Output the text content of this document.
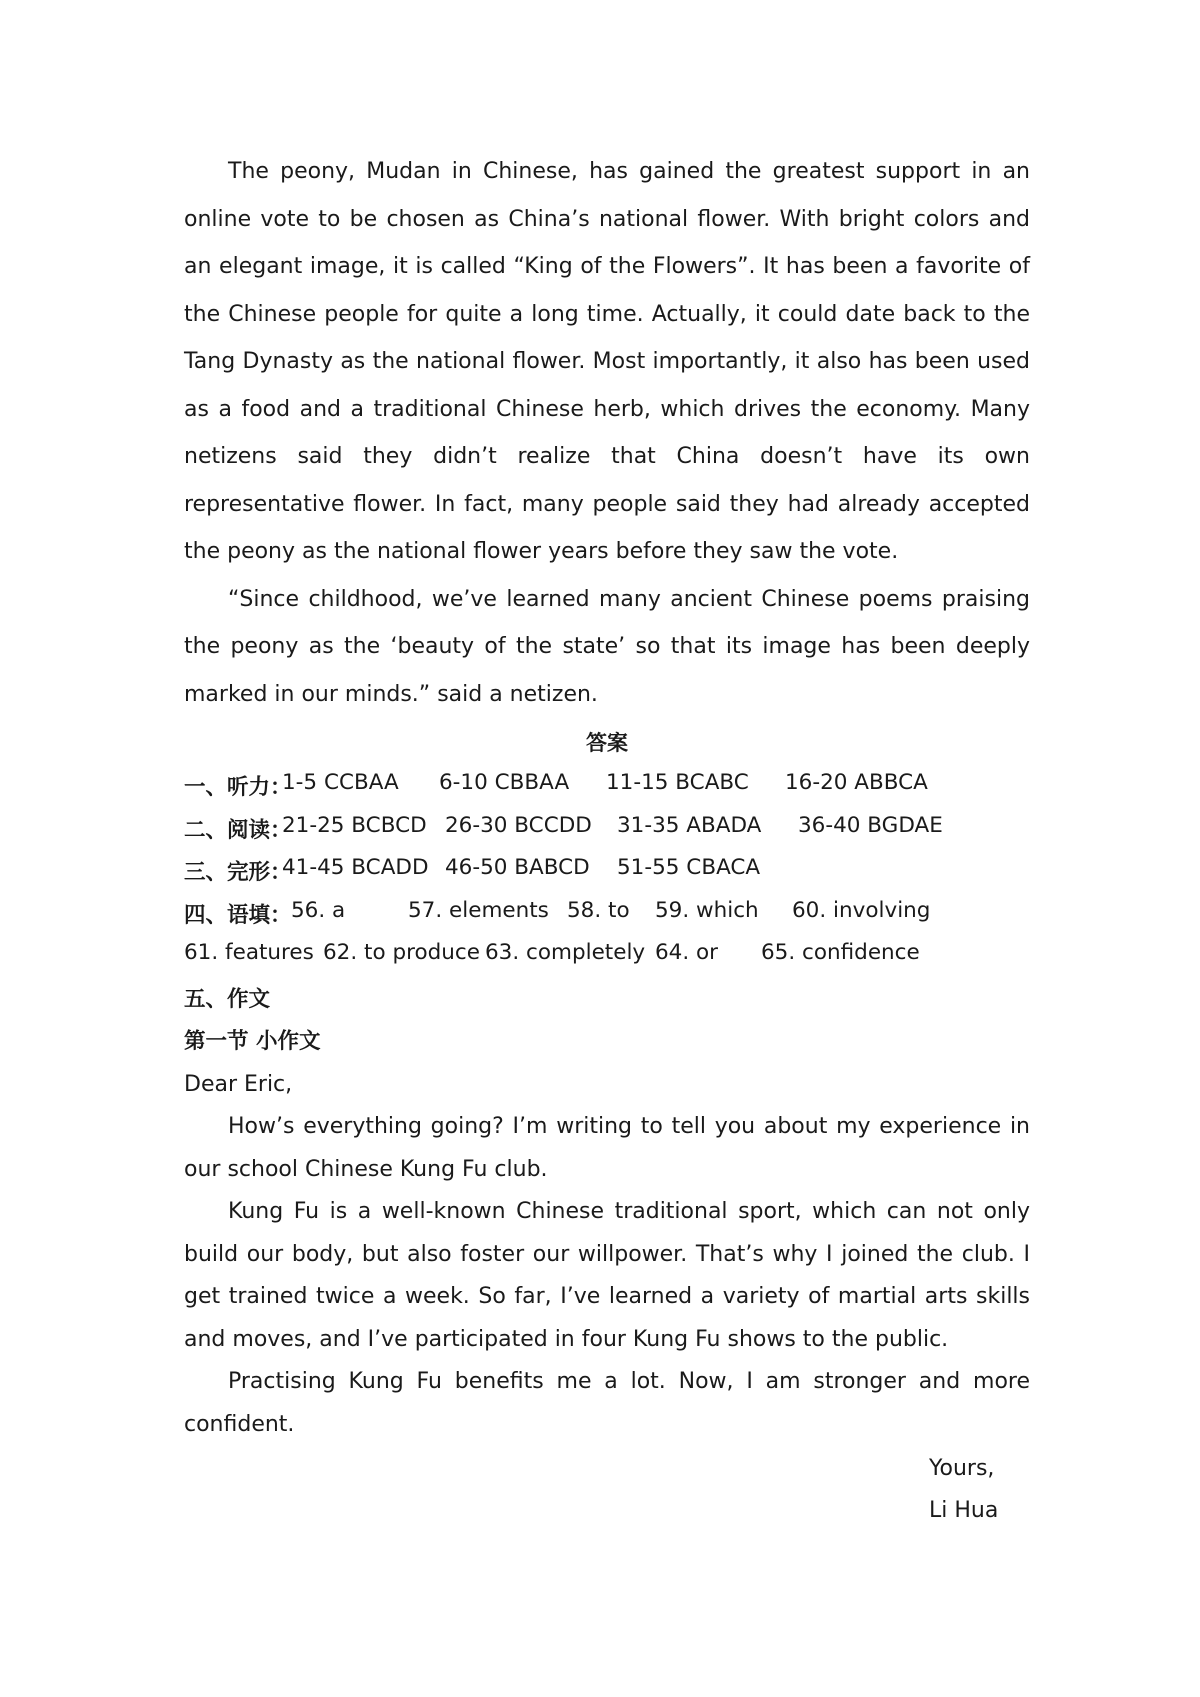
The peony, Mudan in Chinese, has gained the greatest support in an online vote to be chosen as China’s national flower. With bright colors and an elegant image, it is called “King of the Flowers”. It has been a favorite of the Chinese people for quite a long time. Actually, it could date back to the Tang Dynasty as the national flower. Most importantly, it also has been used as a food and a traditional Chinese herb, which drives the economy. Many netizens said they didn’t realize that China doesn’t have its own representative flower. In fact, many people said they had already accepted the peony as the national flower years before they saw the vote.

“Since childhood, we’ve learned many ancient Chinese poems praising the peony as the ‘beauty of the state’ so that its image has been deeply marked in our minds.” said a netizen.

答案
一、听力：
1-5 CCBAA 6-10 CBBAA 11-15 BCABC 16-20 ABBCA
二、阅读：
21-25 BCBCD 26-30 BCCDD 31-35 ABADA 36-40 BGDAE
三、完形：
41-45 BCADD 46-50 BABCD 51-55 CBACA
四、语填： 56. a	57. elements 58. to 59. which 60. involving
61. features 62. to produce 63. completely 64. or 65. confidence
五、作文
第一节 小作文
Dear Eric,

How’s everything going? I’m writing to tell you about my experience in our school Chinese Kung Fu club.

Kung Fu is a well-known Chinese traditional sport, which can not only build our body, but also foster our willpower. That’s why I joined the club. I get trained twice a week. So far, I’ve learned a variety of martial arts skills and moves, and I’ve participated in four Kung Fu shows to the public.

Practising Kung Fu benefits me a lot. Now, I am stronger and more confident.

Yours,
Li Hua
